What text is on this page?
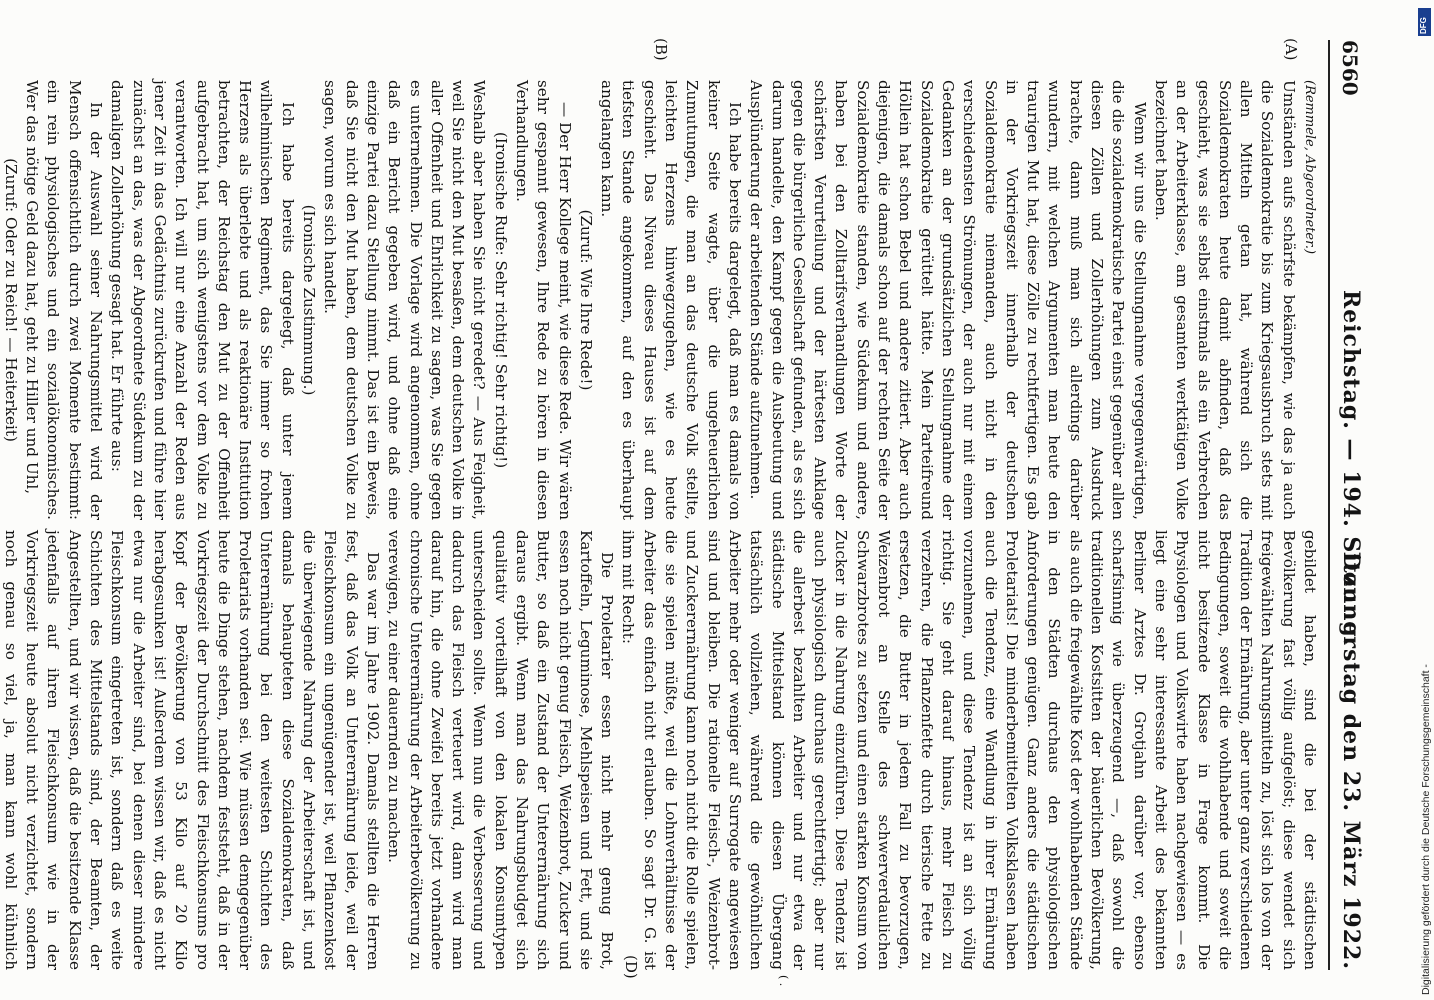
6560
Reichstag. — 194. Sitzung.
Donnerstag den 23. März 1922.
(A)
(B)
(D)
( .

(Remmele, Abgeordneter.)

Umständen aufs schärfste bekämpfen, wie das ja auch die Sozialdemokratie bis zum Kriegsausbruch stets mit allen Mitteln getan hat, während sich die Sozialdemokraten heute damit abfinden, daß das geschieht, was sie selbst einstmals als ein Verbrechen an der Arbeiterklasse, am gesamten werktätigen Volke bezeichnet haben.

Wenn wir uns die Stellungnahme vergegenwärtigen, die die sozialdemokratische Partei einst gegenüber allen diesen Zöllen und Zollerhöhungen zum Ausdruck brachte, dann muß man sich allerdings darüber wundern, mit welchen Argumenten man heute den traurigen Mut hat, diese Zölle zu rechtfertigen. Es gab in der Vorkriegszeit innerhalb der deutschen Sozialdemokratie niemanden, auch nicht in den verschiedensten Strömungen, der auch nur mit einem Gedanken an der grundsätzlichen Stellungnahme der Sozialdemokratie gerüttelt hätte. Mein Parteifreund Höllein hat schon Bebel und andere zitiert. Aber auch diejenigen, die damals schon auf der rechten Seite der Sozialdemokratie standen, wie Südekum und andere, haben bei den Zolltarifsverhandlungen Worte der schärfsten Verurteilung und der härtesten Anklage gegen die bürgerliche Gesellschaft gefunden, als es sich darum handelte, den Kampf gegen die Ausbeutung und Ausplünderung der arbeitenden Stände aufzunehmen.

Ich habe bereits dargelegt, daß man es damals von keiner Seite wagte, über die ungeheuerlichen Zumutungen, die man an das deutsche Volk stellte, leichten Herzens hinwegzugehen, wie es heute geschieht. Das Niveau dieses Hauses ist auf dem tiefsten Stande angekommen, auf den es überhaupt angelangen kann.

(Zuruf: Wie Ihre Rede!)

— Der Herr Kollege meint, wie diese Rede. Wir wären sehr gespannt gewesen, Ihre Rede zu hören in diesen Verhandlungen.

(Ironische Rufe: Sehr richtig! Sehr richtig!)

Weshalb aber haben Sie nicht geredet? — Aus Feigheit, weil Sie nicht den Mut besaßen, dem deutschen Volke in aller Offenheit und Ehrlichkeit zu sagen, was Sie gegen es unternehmen. Die Vorlage wird angenommen, ohne daß ein Bericht gegeben wird, und ohne daß eine einzige Partei dazu Stellung nimmt. Das ist ein Beweis, daß Sie nicht den Mut haben, dem deutschen Volke zu sagen, worum es sich handelt.

(Ironische Zustimmung.)

Ich habe bereits dargelegt, daß unter jenem wilhelminischen Regiment, das Sie immer so frohen Herzens als überlebte und als reaktionäre Institution betrachten, der Reichstag den Mut zu der Offenheit aufgebracht hat, um sich wenigstens vor dem Volke zu verantworten. Ich will nur eine Anzahl der Reden aus jener Zeit in das Gedächtnis zurückrufen und führe hier zunächst an das, was der Abgeordnete Südekum zu der damaligen Zollerhöhung gesagt hat. Er führte aus:

In der Auswahl seiner Nahrungsmittel wird der Mensch offensichtlich durch zwei Momente bestimmt: ein rein physiologisches und ein sozialökonomisches. Wer das nötige Geld dazu hat, geht zu Hiller und Uhl,

(Zuruf: Oder zu Reich! — Heiterkeit)

gebildet haben, sind die bei der städtischen Bevölkerung fast völlig aufgelöst; diese wendet sich freigewählten Nahrungsmitteln zu, löst sich los von der Tradition der Ernährung, aber unter ganz verschiedenen Bedingungen, soweit die wohlhabende und soweit die nicht besitzende Klasse in Frage kommt. Die Physiologen und Volkswirte haben nachgewiesen — es liegt eine sehr interessante Arbeit des bekannten Berliner Arztes Dr. Grotjahn darüber vor, ebenso scharfsinnig wie überzeugend —, daß sowohl die traditionellen Kostsitten der bäuerlichen Bevölkerung, als auch die freigewählte Kost der wohlhabenden Stände in den Städten durchaus den physiologischen Anforderungen genügen. Ganz anders die städtischen Proletariats! Die minderbemittelten Volksklassen haben auch die Tendenz, eine Wandlung in ihrer Ernährung vorzunehmen, und diese Tendenz ist an sich völlig richtig. Sie geht darauf hinaus, mehr Fleisch zu verzehren, die Pflanzenfette durch tierische Fette zu ersetzen, die Butter in jedem Fall zu bevorzugen, Weizenbrot an Stelle des schwerverdaulichen Schwarzbrotes zu setzen und einen starken Konsum von Zucker in die Nahrung einzuführen. Diese Tendenz ist auch physiologisch durchaus gerechtfertigt; aber nur die allerbest bezahlten Arbeiter und nur etwa der städtische Mittelstand können diesen Übergang tatsächlich vollziehen, während die gewöhnlichen Arbeiter mehr oder weniger auf Surrogate angewiesen sind und bleiben. Die rationelle Fleisch-, Weizenbrot- und Zuckerernährung kann noch nicht die Rolle spielen, die sie spielen müßte, weil die Lohnverhältnisse der Arbeiter das einfach nicht erlauben. So sagt Dr. G. ist ihm mit Recht:

Die Proletarier essen nicht mehr genug Brot, Kartoffeln, Leguminose, Mehlspeisen und Fett, und sie essen noch nicht genug Fleisch, Weizenbrot, Zucker und Butter, so daß ein Zustand der Unterernährung sich daraus ergibt. Wenn man das Nahrungsbudget sich qualitativ vorteilhaft von den lokalen Konsumtypen unterscheiden sollte. Wenn nun die Verbesserung und dadurch das Fleisch verteuert wird, dann wird man darauf hin, die ohne Zweifel bereits jetzt vorhandene chronische Unterernährung der Arbeiterbevölkerung zu verewigen, zu einer dauernden zu machen.

Das war im Jahre 1902. Damals stellten die Herren fest, daß das Volk an Unterernährung leide, weil der Fleischkonsum ein ungenügender ist, weil Pflanzenkost die überwiegende Nahrung der Arbeiterschaft ist, und damals behaupteten diese Sozialdemokraten, daß Unterernährung bei den weitesten Schichten des Proletariats vorhanden sei. Wie müssen demgegenüber heute die Dinge stehen, nachdem feststeht, daß in der Vorkriegszeit der Durchschnitt des Fleischkonsums pro Kopf der Bevölkerung von 53 Kilo auf 20 Kilo herabgesunken ist! Außerdem wissen wir, daß es nicht etwa nur die Arbeiter sind, bei denen dieser mindere Fleischkonsum eingetreten ist, sondern daß es weite Schichten des Mittelstands sind, der Beamten, der Angestellten, und wir wissen, daß die besitzende Klasse jedenfalls auf ihren Fleischkonsum wie in der Vorkriegszeit heute absolut nicht verzichtet, sondern noch genau so viel, ja, man kann wohl kühnlich

DFG
Digitalisierung gefördert durch die Deutsche Forschungsgemeinschaft -
